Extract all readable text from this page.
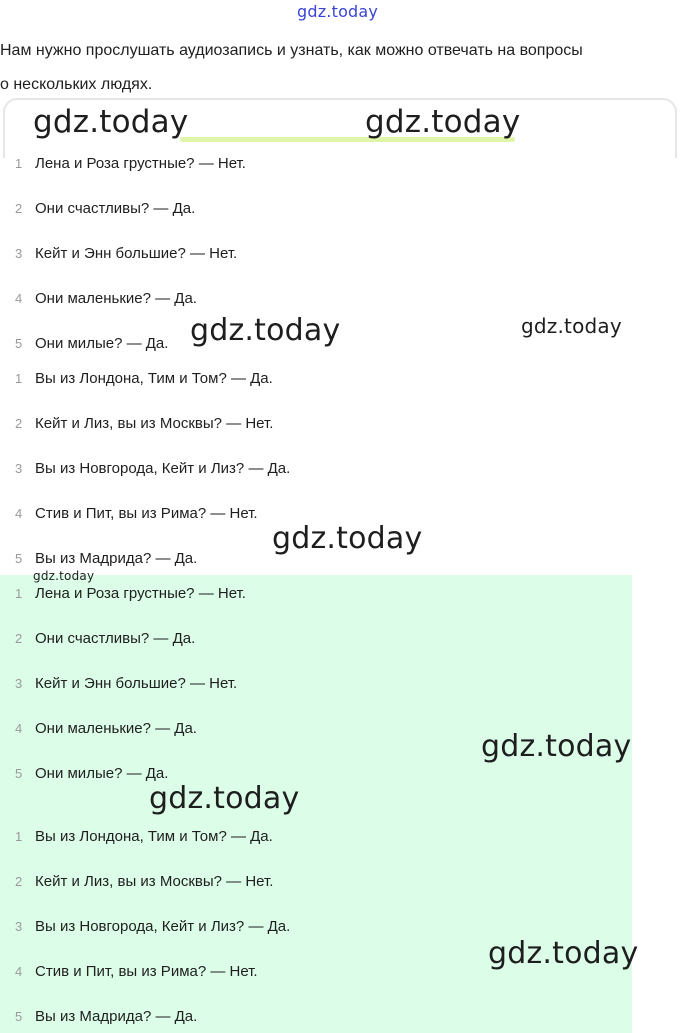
gdz.today
Нам нужно прослушать аудиозапись и узнать, как можно отвечать на вопросы
о нескольких людях.
gdz.today	gdz.today
gdz.today	gdz.today
gdz.today
gdz.today
gdz.today
gdz.today
gdz.today
1 Лена и Роза грустные? — Нет.
2 Они счастливы? — Да.
3 Кейт и Энн большие? — Нет.
4 Они маленькие? — Да.
5 Они милые? — Да.
1 Вы из Лондона, Тим и Том? — Да.
2 Кейт и Лиз, вы из Москвы? — Нет.
3 Вы из Новгорода, Кейт и Лиз? — Да.
4 Стив и Пит, вы из Рима? — Нет.
5 Вы из Мадрида? — Да.
1 Лена и Роза грустные? — Нет.
2 Они счастливы? — Да.
3 Кейт и Энн большие? — Нет.
4 Они маленькие? — Да.
5 Они милые? — Да.
1 Вы из Лондона, Тим и Том? — Да.
2 Кейт и Лиз, вы из Москвы? — Нет.
3 Вы из Новгорода, Кейт и Лиз? — Да.
4 Стив и Пит, вы из Рима? — Нет.
5 Вы из Мадрида? — Да.
